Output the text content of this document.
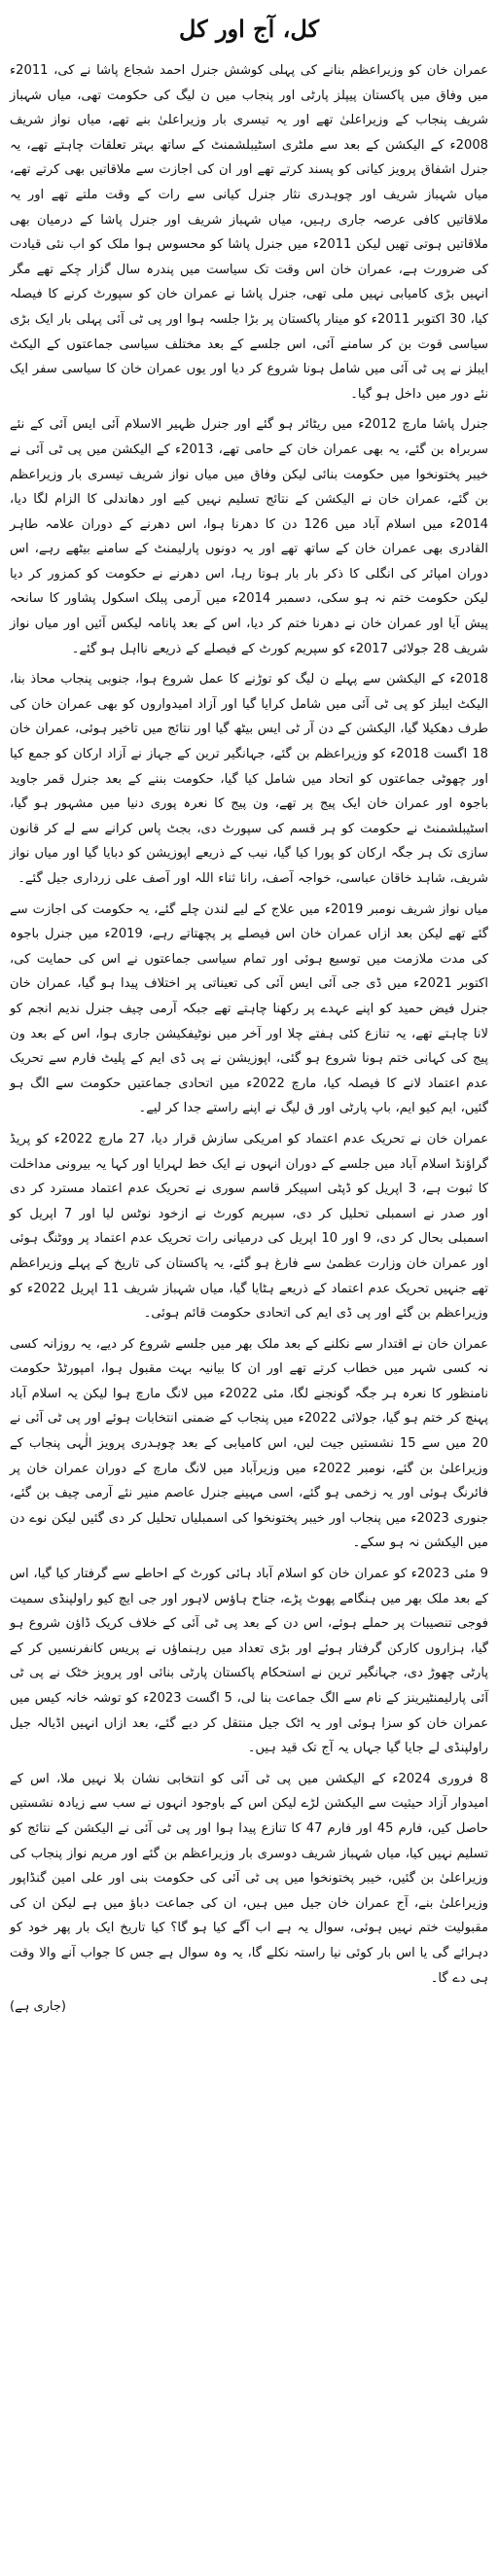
کل، آج اور کل

عمران خان کو وزیراعظم بنانے کی پہلی کوشش جنرل احمد شجاع پاشا نے کی، 2011ء میں وفاق میں پاکستان پیپلز پارٹی اور پنجاب میں ن لیگ کی حکومت تھی، میاں شہباز شریف پنجاب کے وزیراعلیٰ تھے اور یہ تیسری بار وزیراعلیٰ بنے تھے، میاں نواز شریف 2008ء کے الیکشن کے بعد سے ملٹری اسٹیبلشمنٹ کے ساتھ بہتر تعلقات چاہتے تھے، یہ جنرل اشفاق پرویز کیانی کو پسند کرتے تھے اور ان کی اجازت سے ملاقاتیں بھی کرتے تھے، میاں شہباز شریف اور چوہدری نثار جنرل کیانی سے رات کے وقت ملتے تھے اور یہ ملاقاتیں کافی عرصہ جاری رہیں، میاں شہباز شریف اور جنرل پاشا کے درمیان بھی ملاقاتیں ہوتی تھیں لیکن 2011ء میں جنرل پاشا کو محسوس ہوا ملک کو اب نئی قیادت کی ضرورت ہے، عمران خان اس وقت تک سیاست میں پندرہ سال گزار چکے تھے مگر انہیں بڑی کامیابی نہیں ملی تھی، جنرل پاشا نے عمران خان کو سپورٹ کرنے کا فیصلہ کیا، 30 اکتوبر 2011ء کو مینار پاکستان پر بڑا جلسہ ہوا اور پی ٹی آئی پہلی بار ایک بڑی سیاسی قوت بن کر سامنے آئی، اس جلسے کے بعد مختلف سیاسی جماعتوں کے الیکٹ ایبلز نے پی ٹی آئی میں شامل ہونا شروع کر دیا اور یوں عمران خان کا سیاسی سفر ایک نئے دور میں داخل ہو گیا۔

جنرل پاشا مارچ 2012ء میں ریٹائر ہو گئے اور جنرل ظہیر الاسلام آئی ایس آئی کے نئے سربراہ بن گئے، یہ بھی عمران خان کے حامی تھے، 2013ء کے الیکشن میں پی ٹی آئی نے خیبر پختونخوا میں حکومت بنائی لیکن وفاق میں میاں نواز شریف تیسری بار وزیراعظم بن گئے، عمران خان نے الیکشن کے نتائج تسلیم نہیں کیے اور دھاندلی کا الزام لگا دیا، 2014ء میں اسلام آباد میں 126 دن کا دھرنا ہوا، اس دھرنے کے دوران علامہ طاہر القادری بھی عمران خان کے ساتھ تھے اور یہ دونوں پارلیمنٹ کے سامنے بیٹھے رہے، اس دوران امپائر کی انگلی کا ذکر بار بار ہوتا رہا، اس دھرنے نے حکومت کو کمزور کر دیا لیکن حکومت ختم نہ ہو سکی، دسمبر 2014ء میں آرمی پبلک اسکول پشاور کا سانحہ پیش آیا اور عمران خان نے دھرنا ختم کر دیا، اس کے بعد پانامہ لیکس آئیں اور میاں نواز شریف 28 جولائی 2017ء کو سپریم کورٹ کے فیصلے کے ذریعے نااہل ہو گئے۔

2018ء کے الیکشن سے پہلے ن لیگ کو توڑنے کا عمل شروع ہوا، جنوبی پنجاب محاذ بنا، الیکٹ ایبلز کو پی ٹی آئی میں شامل کرایا گیا اور آزاد امیدواروں کو بھی عمران خان کی طرف دھکیلا گیا، الیکشن کے دن آر ٹی ایس بیٹھ گیا اور نتائج میں تاخیر ہوئی، عمران خان 18 اگست 2018ء کو وزیراعظم بن گئے، جہانگیر ترین کے جہاز نے آزاد ارکان کو جمع کیا اور چھوٹی جماعتوں کو اتحاد میں شامل کیا گیا، حکومت بننے کے بعد جنرل قمر جاوید باجوہ اور عمران خان ایک پیج پر تھے، ون پیج کا نعرہ پوری دنیا میں مشہور ہو گیا، اسٹیبلشمنٹ نے حکومت کو ہر قسم کی سپورٹ دی، بجٹ پاس کرانے سے لے کر قانون سازی تک ہر جگہ ارکان کو پورا کیا گیا، نیب کے ذریعے اپوزیشن کو دبایا گیا اور میاں نواز شریف، شاہد خاقان عباسی، خواجہ آصف، رانا ثناء اللہ اور آصف علی زرداری جیل گئے۔

میاں نواز شریف نومبر 2019ء میں علاج کے لیے لندن چلے گئے، یہ حکومت کی اجازت سے گئے تھے لیکن بعد ازاں عمران خان اس فیصلے پر پچھتاتے رہے، 2019ء میں جنرل باجوہ کی مدت ملازمت میں توسیع ہوئی اور تمام سیاسی جماعتوں نے اس کی حمایت کی، اکتوبر 2021ء میں ڈی جی آئی ایس آئی کی تعیناتی پر اختلاف پیدا ہو گیا، عمران خان جنرل فیض حمید کو اپنے عہدے پر رکھنا چاہتے تھے جبکہ آرمی چیف جنرل ندیم انجم کو لانا چاہتے تھے، یہ تنازع کئی ہفتے چلا اور آخر میں نوٹیفکیشن جاری ہوا، اس کے بعد ون پیج کی کہانی ختم ہونا شروع ہو گئی، اپوزیشن نے پی ڈی ایم کے پلیٹ فارم سے تحریک عدم اعتماد لانے کا فیصلہ کیا، مارچ 2022ء میں اتحادی جماعتیں حکومت سے الگ ہو گئیں، ایم کیو ایم، باپ پارٹی اور ق لیگ نے اپنے راستے جدا کر لیے۔

عمران خان نے تحریک عدم اعتماد کو امریکی سازش قرار دیا، 27 مارچ 2022ء کو پریڈ گراؤنڈ اسلام آباد میں جلسے کے دوران انہوں نے ایک خط لہرایا اور کہا یہ بیرونی مداخلت کا ثبوت ہے، 3 اپریل کو ڈپٹی اسپیکر قاسم سوری نے تحریک عدم اعتماد مسترد کر دی اور صدر نے اسمبلی تحلیل کر دی، سپریم کورٹ نے ازخود نوٹس لیا اور 7 اپریل کو اسمبلی بحال کر دی، 9 اور 10 اپریل کی درمیانی رات تحریک عدم اعتماد پر ووٹنگ ہوئی اور عمران خان وزارت عظمیٰ سے فارغ ہو گئے، یہ پاکستان کی تاریخ کے پہلے وزیراعظم تھے جنہیں تحریک عدم اعتماد کے ذریعے ہٹایا گیا، میاں شہباز شریف 11 اپریل 2022ء کو وزیراعظم بن گئے اور پی ڈی ایم کی اتحادی حکومت قائم ہوئی۔

عمران خان نے اقتدار سے نکلنے کے بعد ملک بھر میں جلسے شروع کر دیے، یہ روزانہ کسی نہ کسی شہر میں خطاب کرتے تھے اور ان کا بیانیہ بہت مقبول ہوا، امپورٹڈ حکومت نامنظور کا نعرہ ہر جگہ گونجنے لگا، مئی 2022ء میں لانگ مارچ ہوا لیکن یہ اسلام آباد پہنچ کر ختم ہو گیا، جولائی 2022ء میں پنجاب کے ضمنی انتخابات ہوئے اور پی ٹی آئی نے 20 میں سے 15 نشستیں جیت لیں، اس کامیابی کے بعد چوہدری پرویز الٰہی پنجاب کے وزیراعلیٰ بن گئے، نومبر 2022ء میں وزیرآباد میں لانگ مارچ کے دوران عمران خان پر فائرنگ ہوئی اور یہ زخمی ہو گئے، اسی مہینے جنرل عاصم منیر نئے آرمی چیف بن گئے، جنوری 2023ء میں پنجاب اور خیبر پختونخوا کی اسمبلیاں تحلیل کر دی گئیں لیکن نوے دن میں الیکشن نہ ہو سکے۔

9 مئی 2023ء کو عمران خان کو اسلام آباد ہائی کورٹ کے احاطے سے گرفتار کیا گیا، اس کے بعد ملک بھر میں ہنگامے پھوٹ پڑے، جناح ہاؤس لاہور اور جی ایچ کیو راولپنڈی سمیت فوجی تنصیبات پر حملے ہوئے، اس دن کے بعد پی ٹی آئی کے خلاف کریک ڈاؤن شروع ہو گیا، ہزاروں کارکن گرفتار ہوئے اور بڑی تعداد میں رہنماؤں نے پریس کانفرنسیں کر کے پارٹی چھوڑ دی، جہانگیر ترین نے استحکام پاکستان پارٹی بنائی اور پرویز خٹک نے پی ٹی آئی پارلیمنٹیرینز کے نام سے الگ جماعت بنا لی، 5 اگست 2023ء کو توشہ خانہ کیس میں عمران خان کو سزا ہوئی اور یہ اٹک جیل منتقل کر دیے گئے، بعد ازاں انہیں اڈیالہ جیل راولپنڈی لے جایا گیا جہاں یہ آج تک قید ہیں۔

8 فروری 2024ء کے الیکشن میں پی ٹی آئی کو انتخابی نشان بلا نہیں ملا، اس کے امیدوار آزاد حیثیت سے الیکشن لڑے لیکن اس کے باوجود انہوں نے سب سے زیادہ نشستیں حاصل کیں، فارم 45 اور فارم 47 کا تنازع پیدا ہوا اور پی ٹی آئی نے الیکشن کے نتائج کو تسلیم نہیں کیا، میاں شہباز شریف دوسری بار وزیراعظم بن گئے اور مریم نواز پنجاب کی وزیراعلیٰ بن گئیں، خیبر پختونخوا میں پی ٹی آئی کی حکومت بنی اور علی امین گنڈاپور وزیراعلیٰ بنے، آج عمران خان جیل میں ہیں، ان کی جماعت دباؤ میں ہے لیکن ان کی مقبولیت ختم نہیں ہوئی، سوال یہ ہے اب آگے کیا ہو گا؟ کیا تاریخ ایک بار پھر خود کو دہرائے گی یا اس بار کوئی نیا راستہ نکلے گا، یہ وہ سوال ہے جس کا جواب آنے والا وقت ہی دے گا۔

(جاری ہے)
